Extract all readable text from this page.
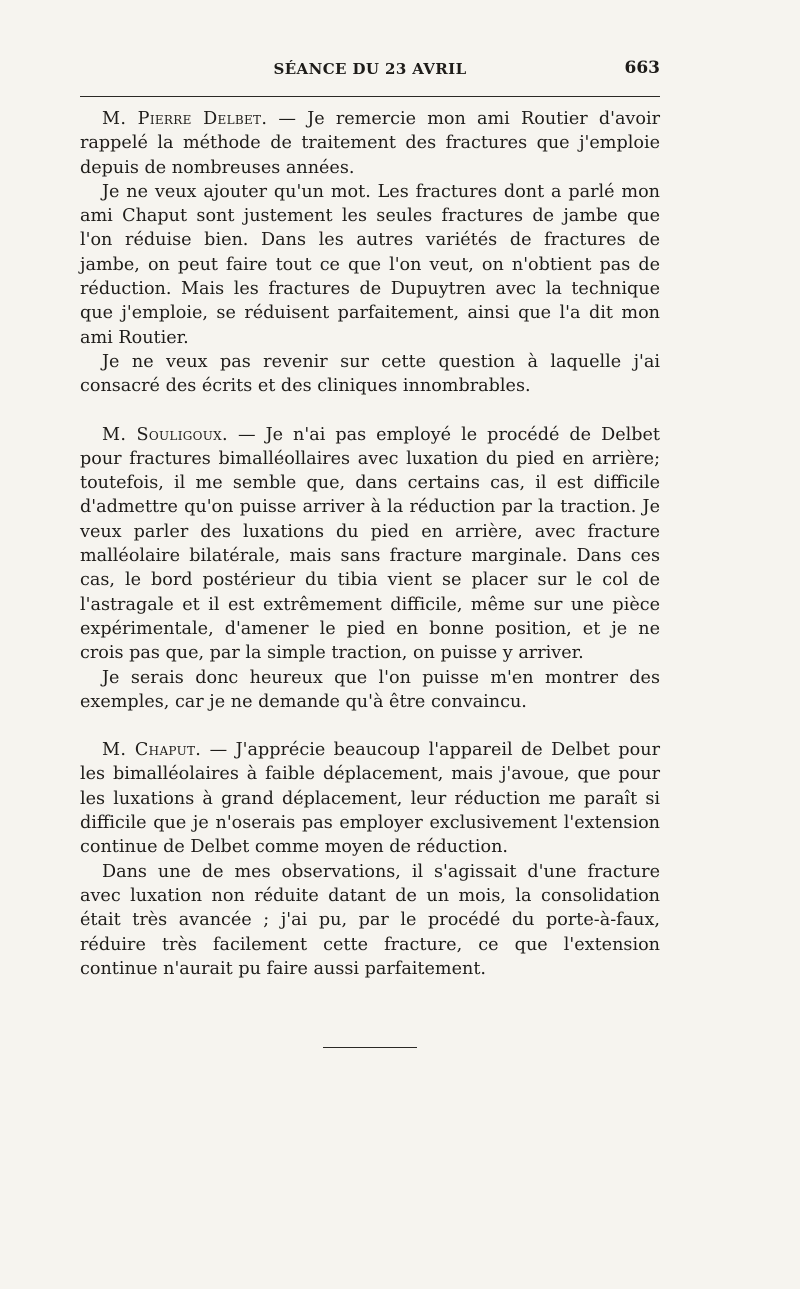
SÉANCE DU 23 AVRIL	663

M. Pierre Delbet. — Je remercie mon ami Routier d'avoir rappelé la méthode de traitement des fractures que j'emploie depuis de nombreuses années.

Je ne veux ajouter qu'un mot. Les fractures dont a parlé mon ami Chaput sont justement les seules fractures de jambe que l'on réduise bien. Dans les autres variétés de fractures de jambe, on peut faire tout ce que l'on veut, on n'obtient pas de réduction. Mais les fractures de Dupuytren avec la technique que j'emploie, se réduisent parfaitement, ainsi que l'a dit mon ami Routier.

Je ne veux pas revenir sur cette question à laquelle j'ai consacré des écrits et des cliniques innombrables.

M. Souligoux. — Je n'ai pas employé le procédé de Delbet pour fractures bimalléollaires avec luxation du pied en arrière; toutefois, il me semble que, dans certains cas, il est difficile d'admettre qu'on puisse arriver à la réduction par la traction. Je veux parler des luxations du pied en arrière, avec fracture malléolaire bilatérale, mais sans fracture marginale. Dans ces cas, le bord postérieur du tibia vient se placer sur le col de l'astragale et il est extrêmement difficile, même sur une pièce expérimentale, d'amener le pied en bonne position, et je ne crois pas que, par la simple traction, on puisse y arriver.

Je serais donc heureux que l'on puisse m'en montrer des exemples, car je ne demande qu'à être convaincu.

M. Chaput. — J'apprécie beaucoup l'appareil de Delbet pour les bimalléolaires à faible déplacement, mais j'avoue, que pour les luxations à grand déplacement, leur réduction me paraît si difficile que je n'oserais pas employer exclusivement l'extension continue de Delbet comme moyen de réduction.

Dans une de mes observations, il s'agissait d'une fracture avec luxation non réduite datant de un mois, la consolidation était très avancée ; j'ai pu, par le procédé du porte-à-faux, réduire très facilement cette fracture, ce que l'extension continue n'aurait pu faire aussi parfaitement.
